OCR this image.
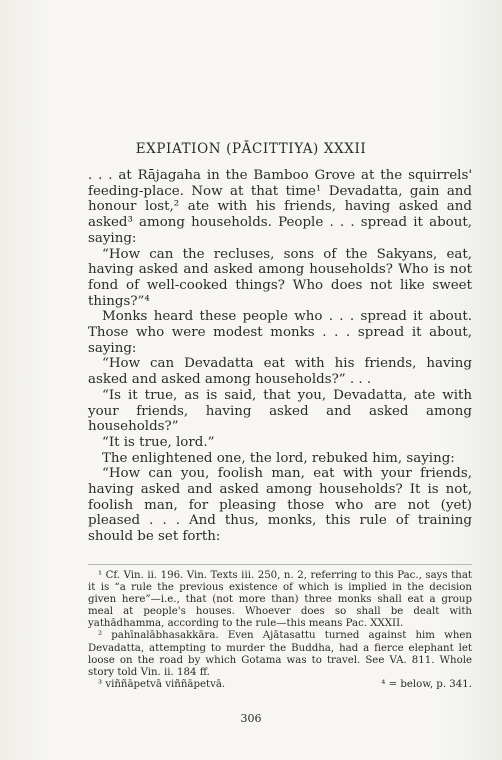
EXPIATION (PĀCITTIYA) XXXII

. . . at Rājagaha in the Bamboo Grove at the squirrels' feeding-place. Now at that time¹ Devadatta, gain and honour lost,² ate with his friends, having asked and asked³ among households. People . . . spread it about, saying:

“How can the recluses, sons of the Sakyans, eat, having asked and asked among households? Who is not fond of well-cooked things? Who does not like sweet things?”⁴

Monks heard these people who . . . spread it about. Those who were modest monks . . . spread it about, saying:

“How can Devadatta eat with his friends, having asked and asked among households?” . . .

“Is it true, as is said, that you, Devadatta, ate with your friends, having asked and asked among households?”

“It is true, lord.”

The enlightened one, the lord, rebuked him, saying:

“How can you, foolish man, eat with your friends, having asked and asked among households? It is not, foolish man, for pleasing those who are not (yet) pleased . . . And thus, monks, this rule of training should be set forth:

¹ Cf. Vin. ii. 196. Vin. Texts iii. 250, n. 2, referring to this Pac., says that it is “a rule the previous existence of which is implied in the decision given here”—i.e., that (not more than) three monks shall eat a group meal at people's houses. Whoever does so shall be dealt with yathādhamma, according to the rule—this means Pac. XXXII.

² pahīnalābhasakkāra. Even Ajātasattu turned against him when Devadatta, attempting to murder the Buddha, had a fierce elephant let loose on the road by which Gotama was to travel. See VA. 811. Whole story told Vin. ii. 184 ff.

³ viññāpetvā viññāpetvā.	⁴ = below, p. 341.

306
